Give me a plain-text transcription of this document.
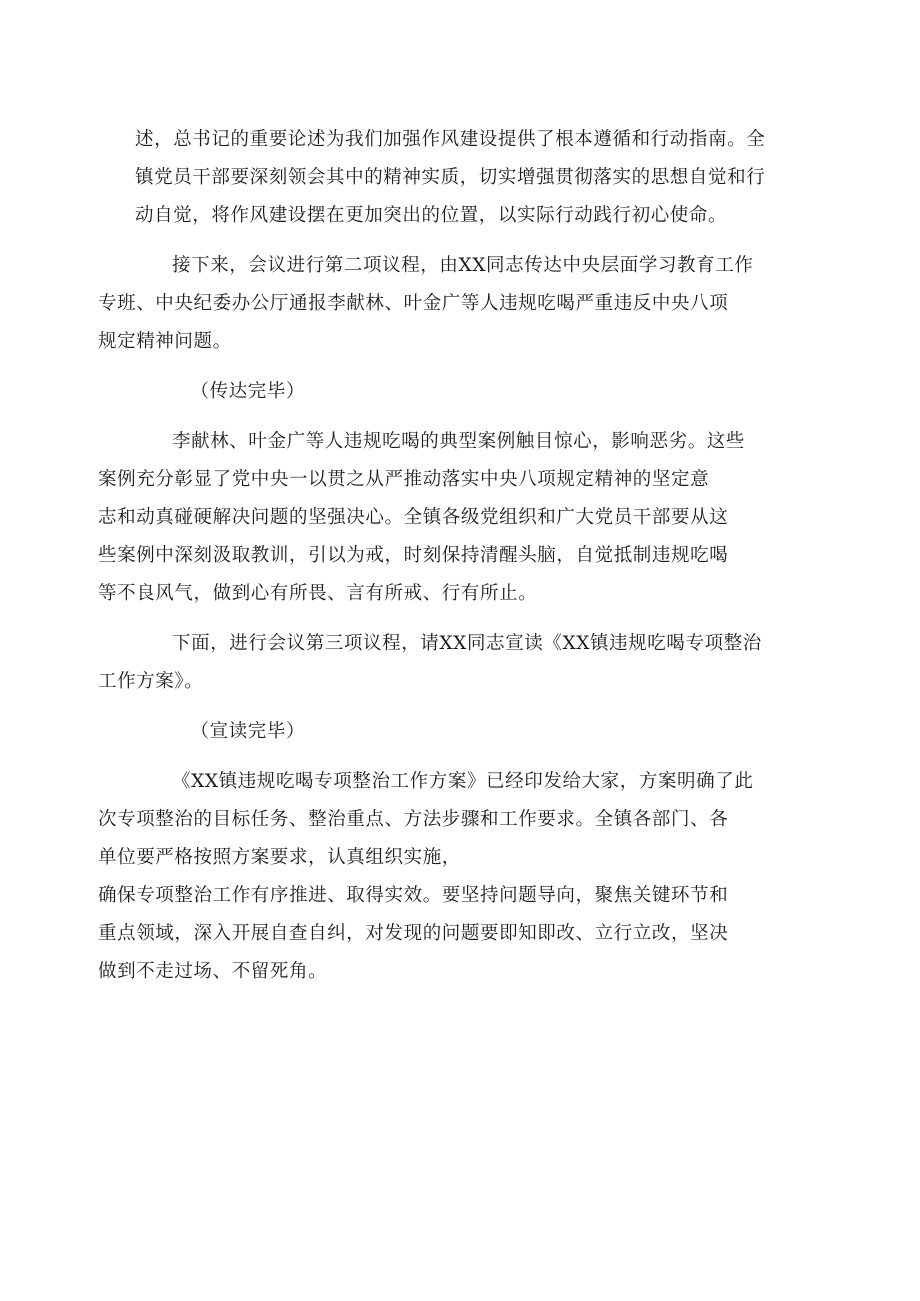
述，总书记的重要论述为我们加强作风建设提供了根本遵循和行动指南。全
镇党员干部要深刻领会其中的精神实质，切实增强贯彻落实的思想自觉和行
动自觉，将作风建设摆在更加突出的位置，以实际行动践行初心使命。
接下来，会议进行第二项议程，由XX同志传达中央层面学习教育工作
专班、中央纪委办公厅通报李献林、叶金广等人违规吃喝严重违反中央八项
规定精神问题。
（传达完毕）
李献林、叶金广等人违规吃喝的典型案例触目惊心，影响恶劣。这些
案例充分彰显了党中央一以贯之从严推动落实中央八项规定精神的坚定意
志和动真碰硬解决问题的坚强决心。全镇各级党组织和广大党员干部要从这
些案例中深刻汲取教训，引以为戒，时刻保持清醒头脑，自觉抵制违规吃喝
等不良风气，做到心有所畏、言有所戒、行有所止。
下面，进行会议第三项议程，请XX同志宣读《XX镇违规吃喝专项整治
工作方案》。
（宣读完毕）
《XX镇违规吃喝专项整治工作方案》已经印发给大家，方案明确了此
次专项整治的目标任务、整治重点、方法步骤和工作要求。全镇各部门、各
单位要严格按照方案要求，认真组织实施，
确保专项整治工作有序推进、取得实效。要坚持问题导向，聚焦关键环节和
重点领域，深入开展自查自纠，对发现的问题要即知即改、立行立改，坚决
做到不走过场、不留死角。
